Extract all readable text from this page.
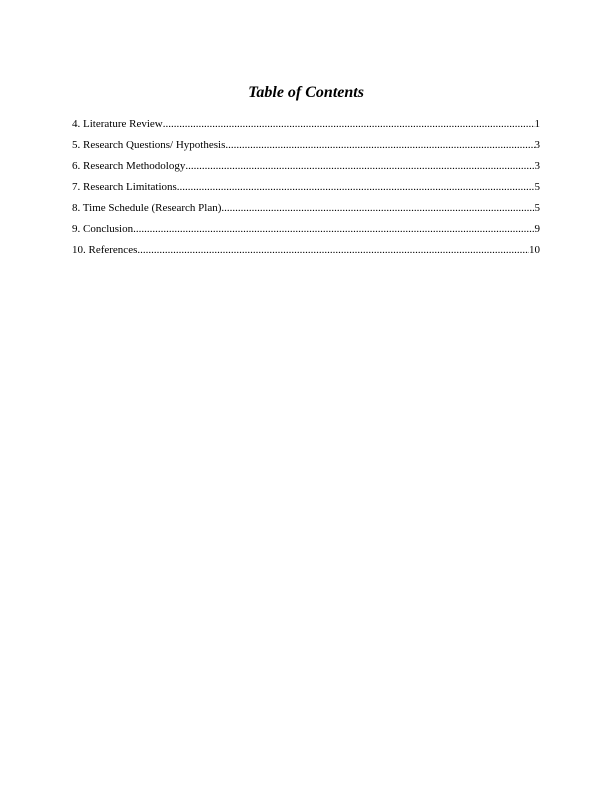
Table of Contents
4. Literature Review .....	1
5. Research Questions/ Hypothesis .....	3
6. Research Methodology .....	3
7. Research Limitations .....	5
8. Time Schedule (Research Plan) .....	5
9. Conclusion .....	9
10. References .....	10
